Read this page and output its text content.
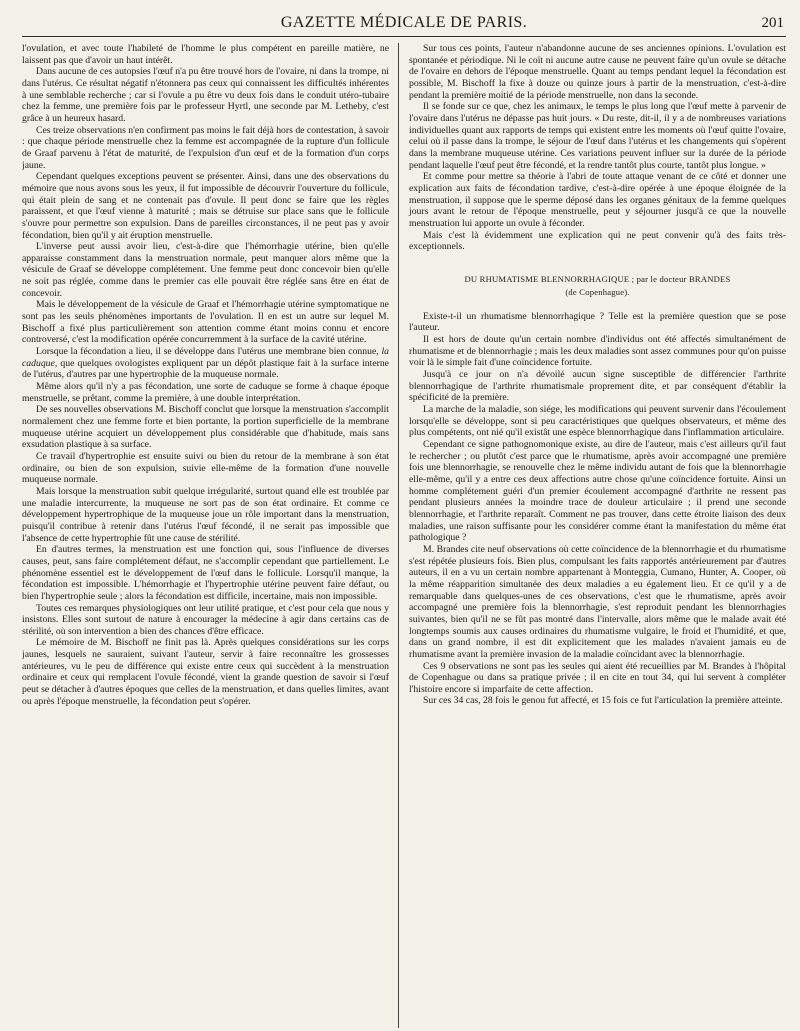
GAZETTE MÉDICALE DE PARIS.	201

l'ovulation, et avec toute l'habileté de l'homme le plus compétent en pareille matière, ne laissent pas que d'avoir un haut intérêt.

Dans aucune de ces autopsies l'œuf n'a pu être trouvé hors de l'ovaire, ni dans la trompe, ni dans l'utérus. Ce résultat négatif n'étonnera pas ceux qui connaissent les difficultés inhérentes à une semblable recherche ; car si l'ovule a pu être vu deux fois dans le conduit utéro-tubaire chez la femme, une première fois par le professeur Hyrtl, une seconde par M. Letheby, c'est grâce à un heureux hasard.

Ces treize observations n'en confirment pas moins le fait déjà hors de contestation, à savoir : que chaque période menstruelle chez la femme est accompagnée de la rupture d'un follicule de Graaf parvenu à l'état de maturité, de l'expulsion d'un œuf et de la formation d'un corps jaune.

Cependant quelques exceptions peuvent se présenter. Ainsi, dans une des observations du mémoire que nous avons sous les yeux, il fut impossible de découvrir l'ouverture du follicule, qui était plein de sang et ne contenait pas d'ovule. Il peut donc se faire que les règles paraissent, et que l'œuf vienne à maturité ; mais se détruise sur place sans que le follicule s'ouvre pour permettre son expulsion. Dans de pareilles circonstances, il ne peut pas y avoir fécondation, bien qu'il y ait éruption menstruelle.

L'inverse peut aussi avoir lieu, c'est-à-dire que l'hémorrhagie utérine, bien qu'elle apparaisse constamment dans la menstruation normale, peut manquer alors même que la vésicule de Graaf se développe complétement. Une femme peut donc concevoir bien qu'elle ne soit pas réglée, comme dans le premier cas elle pouvait être réglée sans être en état de concevoir.

Mais le développement de la vésicule de Graaf et l'hémorrhagie utérine symptomatique ne sont pas les seuls phénomènes importants de l'ovulation. Il en est un autre sur lequel M. Bischoff a fixé plus particulièrement son attention comme étant moins connu et encore controversé, c'est la modification opérée concurremment à la surface de la cavité utérine.

Lorsque la fécondation a lieu, il se développe dans l'utérus une membrane bien connue, la caduque, que quelques ovologistes expliquent par un dépôt plastique fait à la surface interne de l'utérus, d'autres par une hypertrophie de la muqueuse normale.

Même alors qu'il n'y a pas fécondation, une sorte de caduque se forme à chaque époque menstruelle, se prêtant, comme la première, à une double interprétation.

De ses nouvelles observations M. Bischoff conclut que lorsque la menstruation s'accomplit normalement chez une femme forte et bien portante, la portion superficielle de la membrane muqueuse utérine acquiert un développement plus considérable que d'habitude, mais sans exsudation plastique à sa surface.

Ce travail d'hypertrophie est ensuite suivi ou bien du retour de la membrane à son état ordinaire, ou bien de son expulsion, suivie elle-même de la formation d'une nouvelle muqueuse normale.

Mais lorsque la menstruation subit quelque irrégularité, surtout quand elle est troublée par une maladie intercurrente, la muqueuse ne sort pas de son état ordinaire. Et comme ce développement hypertrophique de la muqueuse joue un rôle important dans la menstruation, puisqu'il contribue à retenir dans l'utérus l'œuf fécondé, il ne serait pas impossible que l'absence de cette hypertrophie fût une cause de stérilité.

En d'autres termes, la menstruation est une fonction qui, sous l'influence de diverses causes, peut, sans faire complétement défaut, ne s'accomplir cependant que partiellement. Le phénomène essentiel est le développement de l'œuf dans le follicule. Lorsqu'il manque, la fécondation est impossible. L'hémorrhagie et l'hypertrophie utérine peuvent faire défaut, ou bien l'hypertrophie seule ; alors la fécondation est difficile, incertaine, mais non impossible.

Toutes ces remarques physiologiques ont leur utilité pratique, et c'est pour cela que nous y insistons. Elles sont surtout de nature à encourager la médecine à agir dans certains cas de stérilité, où son intervention a bien des chances d'être efficace.

Le mémoire de M. Bischoff ne finit pas là. Après quelques considérations sur les corps jaunes, lesquels ne sauraient, suivant l'auteur, servir à faire reconnaître les grossesses antérieures, vu le peu de différence qui existe entre ceux qui succèdent à la menstruation ordinaire et ceux qui remplacent l'ovule fécondé, vient la grande question de savoir si l'œuf peut se détacher à d'autres époques que celles de la menstruation, et dans quelles limites, avant ou après l'époque menstruelle, la fécondation peut s'opérer.

Sur tous ces points, l'auteur n'abandonne aucune de ses anciennes opinions. L'ovulation est spontanée et périodique. Ni le coït ni aucune autre cause ne peuvent faire qu'un ovule se détache de l'ovaire en dehors de l'époque menstruelle. Quant au temps pendant lequel la fécondation est possible, M. Bischoff la fixe à douze ou quinze jours à partir de la menstruation, c'est-à-dire pendant la première moitié de la période menstruelle, non dans la seconde.

Il se fonde sur ce que, chez les animaux, le temps le plus long que l'œuf mette à parvenir de l'ovaire dans l'utérus ne dépasse pas huit jours. « Du reste, dit-il, il y a de nombreuses variations individuelles quant aux rapports de temps qui existent entre les moments où l'œuf quitte l'ovaire, celui où il passe dans la trompe, le séjour de l'œuf dans l'utérus et les changements qui s'opèrent dans la membrane muqueuse utérine. Ces variations peuvent influer sur la durée de la période pendant laquelle l'œuf peut être fécondé, et la rendre tantôt plus courte, tantôt plus longue. »

Et comme pour mettre sa théorie à l'abri de toute attaque venant de ce côté et donner une explication aux faits de fécondation tardive, c'est-à-dire opérée à une époque éloignée de la menstruation, il suppose que le sperme déposé dans les organes génitaux de la femme quelques jours avant le retour de l'époque menstruelle, peut y séjourner jusqu'à ce que la nouvelle menstruation lui apporte un ovule à féconder.

Mais c'est là évidemment une explication qui ne peut convenir qu'à des faits très-exceptionnels.

DU RHUMATISME BLENNORRHAGIQUE ; par le docteur BRANDES
(de Copenhague).

Existe-t-il un rhumatisme blennorrhagique ? Telle est la première question que se pose l'auteur.

Il est hors de doute qu'un certain nombre d'individus ont été affectés simultanément de rhumatisme et de blennorrhagie ; mais les deux maladies sont assez communes pour qu'on puisse voir là le simple fait d'une coïncidence fortuite.

Jusqu'à ce jour on n'a dévoilé aucun signe susceptible de différencier l'arthrite blennorrhagique de l'arthrite rhumatismale proprement dite, et par conséquent d'établir la spécificité de la première.

La marche de la maladie, son siége, les modifications qui peuvent survenir dans l'écoulement lorsqu'elle se développe, sont si peu caractéristiques que quelques observateurs, et même des plus compétents, ont nié qu'il existât une espèce blennorrhagique dans l'inflammation articulaire.

Cependant ce signe pathognomonique existe, au dire de l'auteur, mais c'est ailleurs qu'il faut le rechercher ; ou plutôt c'est parce que le rhumatisme, après avoir accompagné une première fois une blennorrhagie, se renouvelle chez le même individu autant de fois que la blennorrhagie elle-même, qu'il y a entre ces deux affections autre chose qu'une coïncidence fortuite. Ainsi un homme complétement guéri d'un premier écoulement accompagné d'arthrite ne ressent pas pendant plusieurs années la moindre trace de douleur articulaire ; il prend une seconde blennorrhagie, et l'arthrite reparaît. Comment ne pas trouver, dans cette étroite liaison des deux maladies, une raison suffisante pour les considérer comme étant la manifestation du même état pathologique ?

M. Brandes cite neuf observations où cette coïncidence de la blennorrhagie et du rhumatisme s'est répétée plusieurs fois. Bien plus, compulsant les faits rapportés antérieurement par d'autres auteurs, il en a vu un certain nombre appartenant à Monteggia, Cumano, Hunter, A. Cooper, où la même réapparition simultanée des deux maladies a eu également lieu. Et ce qu'il y a de remarquable dans quelques-unes de ces observations, c'est que le rhumatisme, après avoir accompagné une première fois la blennorrhagie, s'est reproduit pendant les blennorrhagies suivantes, bien qu'il ne se fût pas montré dans l'intervalle, alors même que le malade avait été longtemps soumis aux causes ordinaires du rhumatisme vulgaire, le froid et l'humidité, et que, dans un grand nombre, il est dit explicitement que les malades n'avaient jamais eu de rhumatisme avant la première invasion de la maladie coïncidant avec la blennorrhagie.

Ces 9 observations ne sont pas les seules qui aient été recueillies par M. Brandes à l'hôpital de Copenhague ou dans sa pratique privée ; il en cite en tout 34, qui lui servent à compléter l'histoire encore si imparfaite de cette affection.

Sur ces 34 cas, 28 fois le genou fut affecté, et 15 fois ce fut l'articulation la première atteinte.
